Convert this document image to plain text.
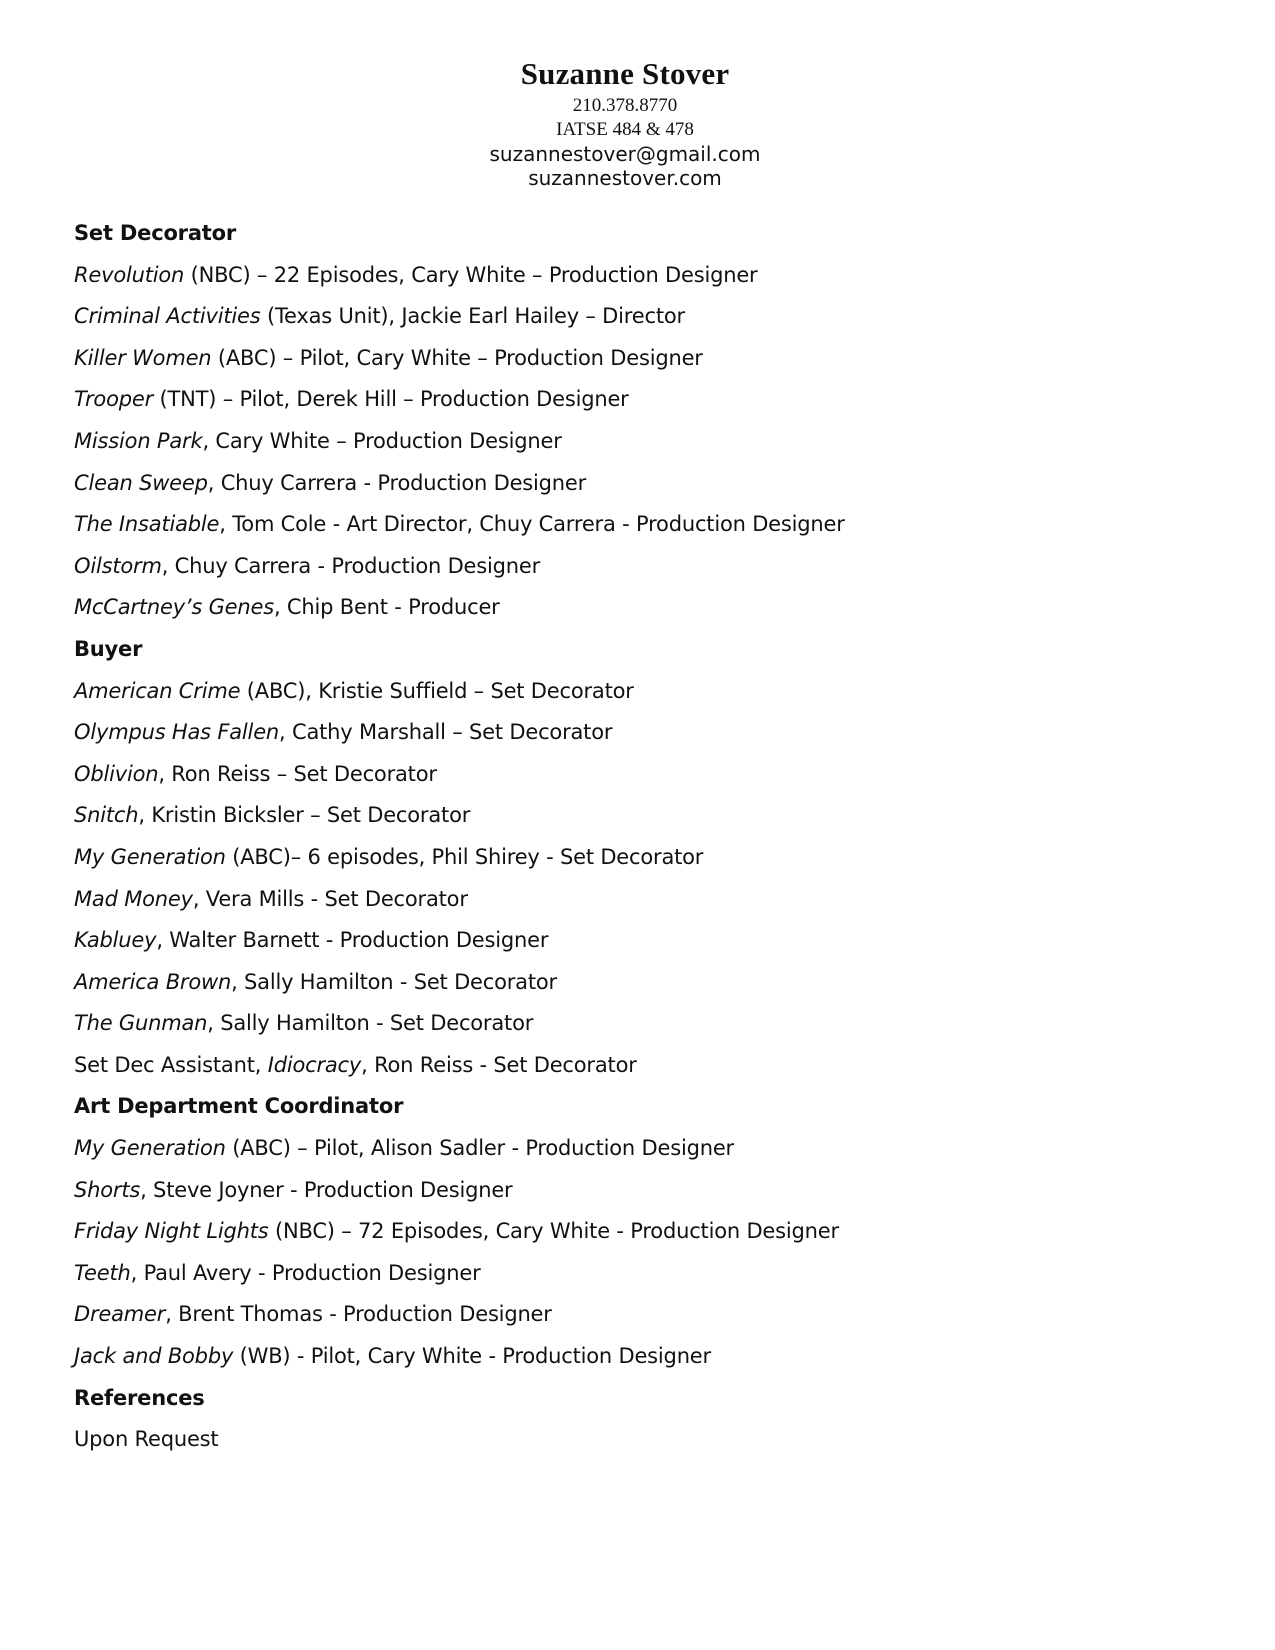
Suzanne Stover
210.378.8770
IATSE 484 & 478
suzannestover@gmail.com
suzannestover.com
Set Decorator
Revolution (NBC) – 22 Episodes, Cary White – Production Designer
Criminal Activities (Texas Unit), Jackie Earl Hailey – Director
Killer Women (ABC) – Pilot, Cary White – Production Designer
Trooper (TNT) – Pilot, Derek Hill – Production Designer
Mission Park, Cary White – Production Designer
Clean Sweep, Chuy Carrera - Production Designer
The Insatiable, Tom Cole - Art Director, Chuy Carrera - Production Designer
Oilstorm, Chuy Carrera - Production Designer
McCartney’s Genes, Chip Bent - Producer
Buyer
American Crime (ABC), Kristie Suffield – Set Decorator
Olympus Has Fallen, Cathy Marshall – Set Decorator
Oblivion, Ron Reiss – Set Decorator
Snitch, Kristin Bicksler – Set Decorator
My Generation (ABC)– 6 episodes, Phil Shirey - Set Decorator
Mad Money, Vera Mills - Set Decorator
Kabluey, Walter Barnett - Production Designer
America Brown, Sally Hamilton - Set Decorator
The Gunman, Sally Hamilton - Set Decorator
Set Dec Assistant, Idiocracy, Ron Reiss - Set Decorator
Art Department Coordinator
My Generation (ABC) – Pilot, Alison Sadler - Production Designer
Shorts, Steve Joyner - Production Designer
Friday Night Lights (NBC) – 72 Episodes, Cary White - Production Designer
Teeth, Paul Avery - Production Designer
Dreamer, Brent Thomas - Production Designer
Jack and Bobby (WB) - Pilot, Cary White - Production Designer
References
Upon Request
